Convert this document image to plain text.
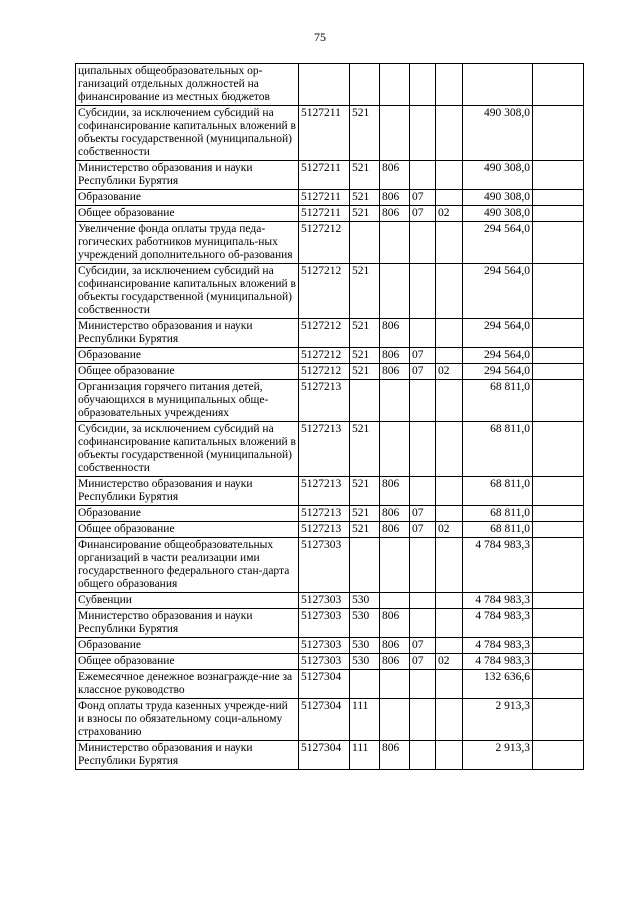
75
ципальных общеобразовательных ор-ганизаций отдельных должностей на финансирование из местных бюджетов							
Субсидии, за исключением субсидий на софинансирование капитальных вложений в объекты государственной (муниципальной) собственности	5127211	521				490 308,0	
Министерство образования и науки Республики Бурятия	5127211	521	806			490 308,0	
Образование	5127211	521	806	07		490 308,0	
Общее образование	5127211	521	806	07	02	490 308,0	
Увеличение фонда оплаты труда педа-гогических работников муниципаль-ных учреждений дополнительного об-разования	5127212					294 564,0	
Субсидии, за исключением субсидий на софинансирование капитальных вложений в объекты государственной (муниципальной) собственности	5127212	521				294 564,0	
Министерство образования и науки Республики Бурятия	5127212	521	806			294 564,0	
Образование	5127212	521	806	07		294 564,0	
Общее образование	5127212	521	806	07	02	294 564,0	
Организация горячего питания детей, обучающихся в муниципальных обще-образовательных учреждениях	5127213					68 811,0	
Субсидии, за исключением субсидий на софинансирование капитальных вложений в объекты государственной (муниципальной) собственности	5127213	521				68 811,0	
Министерство образования и науки Республики Бурятия	5127213	521	806			68 811,0	
Образование	5127213	521	806	07		68 811,0	
Общее образование	5127213	521	806	07	02	68 811,0	
Финансирование общеобразовательных организаций в части реализации ими государственного федерального стан-дарта общего образования	5127303					4 784 983,3	
Субвенции	5127303	530				4 784 983,3	
Министерство образования и науки Республики Бурятия	5127303	530	806			4 784 983,3	
Образование	5127303	530	806	07		4 784 983,3	
Общее образование	5127303	530	806	07	02	4 784 983,3	
Ежемесячное денежное вознагражде-ние за классное руководство	5127304					132 636,6	
Фонд оплаты труда казенных учрежде-ний и взносы по обязательному соци-альному страхованию	5127304	111				2 913,3	
Министерство образования и науки Республики Бурятия	5127304	111	806			2 913,3	
